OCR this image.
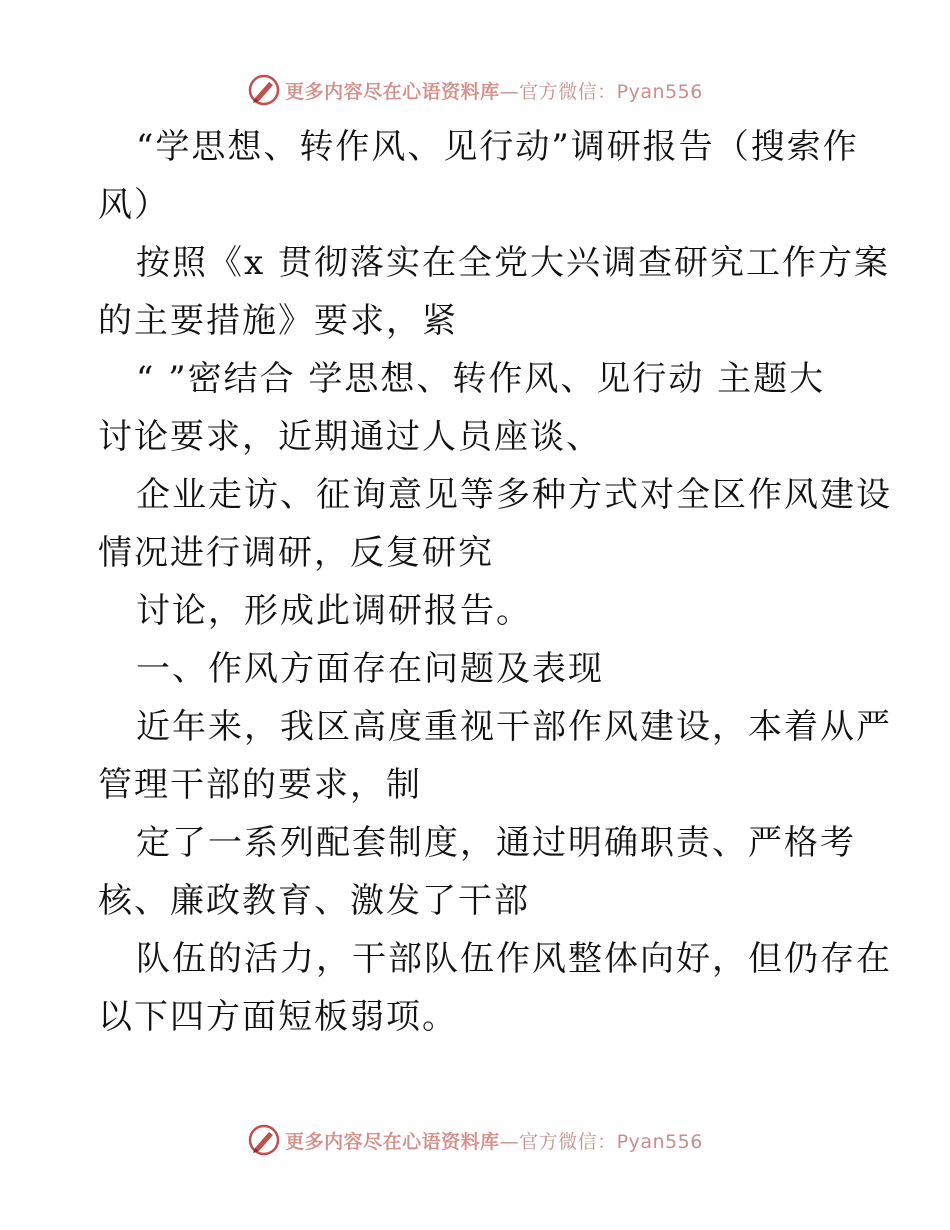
更多内容尽在心语资料库—官方微信：Pyan556
“学思想、转作风、见行动”调研报告（搜索作
风）
按照《x 贯彻落实在全党大兴调查研究工作方案
的主要措施》要求，紧
“ ”密结合 学思想、转作风、见行动 主题大
讨论要求，近期通过人员座谈、
企业走访、征询意见等多种方式对全区作风建设
情况进行调研，反复研究
讨论，形成此调研报告。
一、作风方面存在问题及表现
近年来，我区高度重视干部作风建设，本着从严
管理干部的要求，制
定了一系列配套制度，通过明确职责、严格考
核、廉政教育、激发了干部
队伍的活力，干部队伍作风整体向好，但仍存在
以下四方面短板弱项。
更多内容尽在心语资料库—官方微信：Pyan556
